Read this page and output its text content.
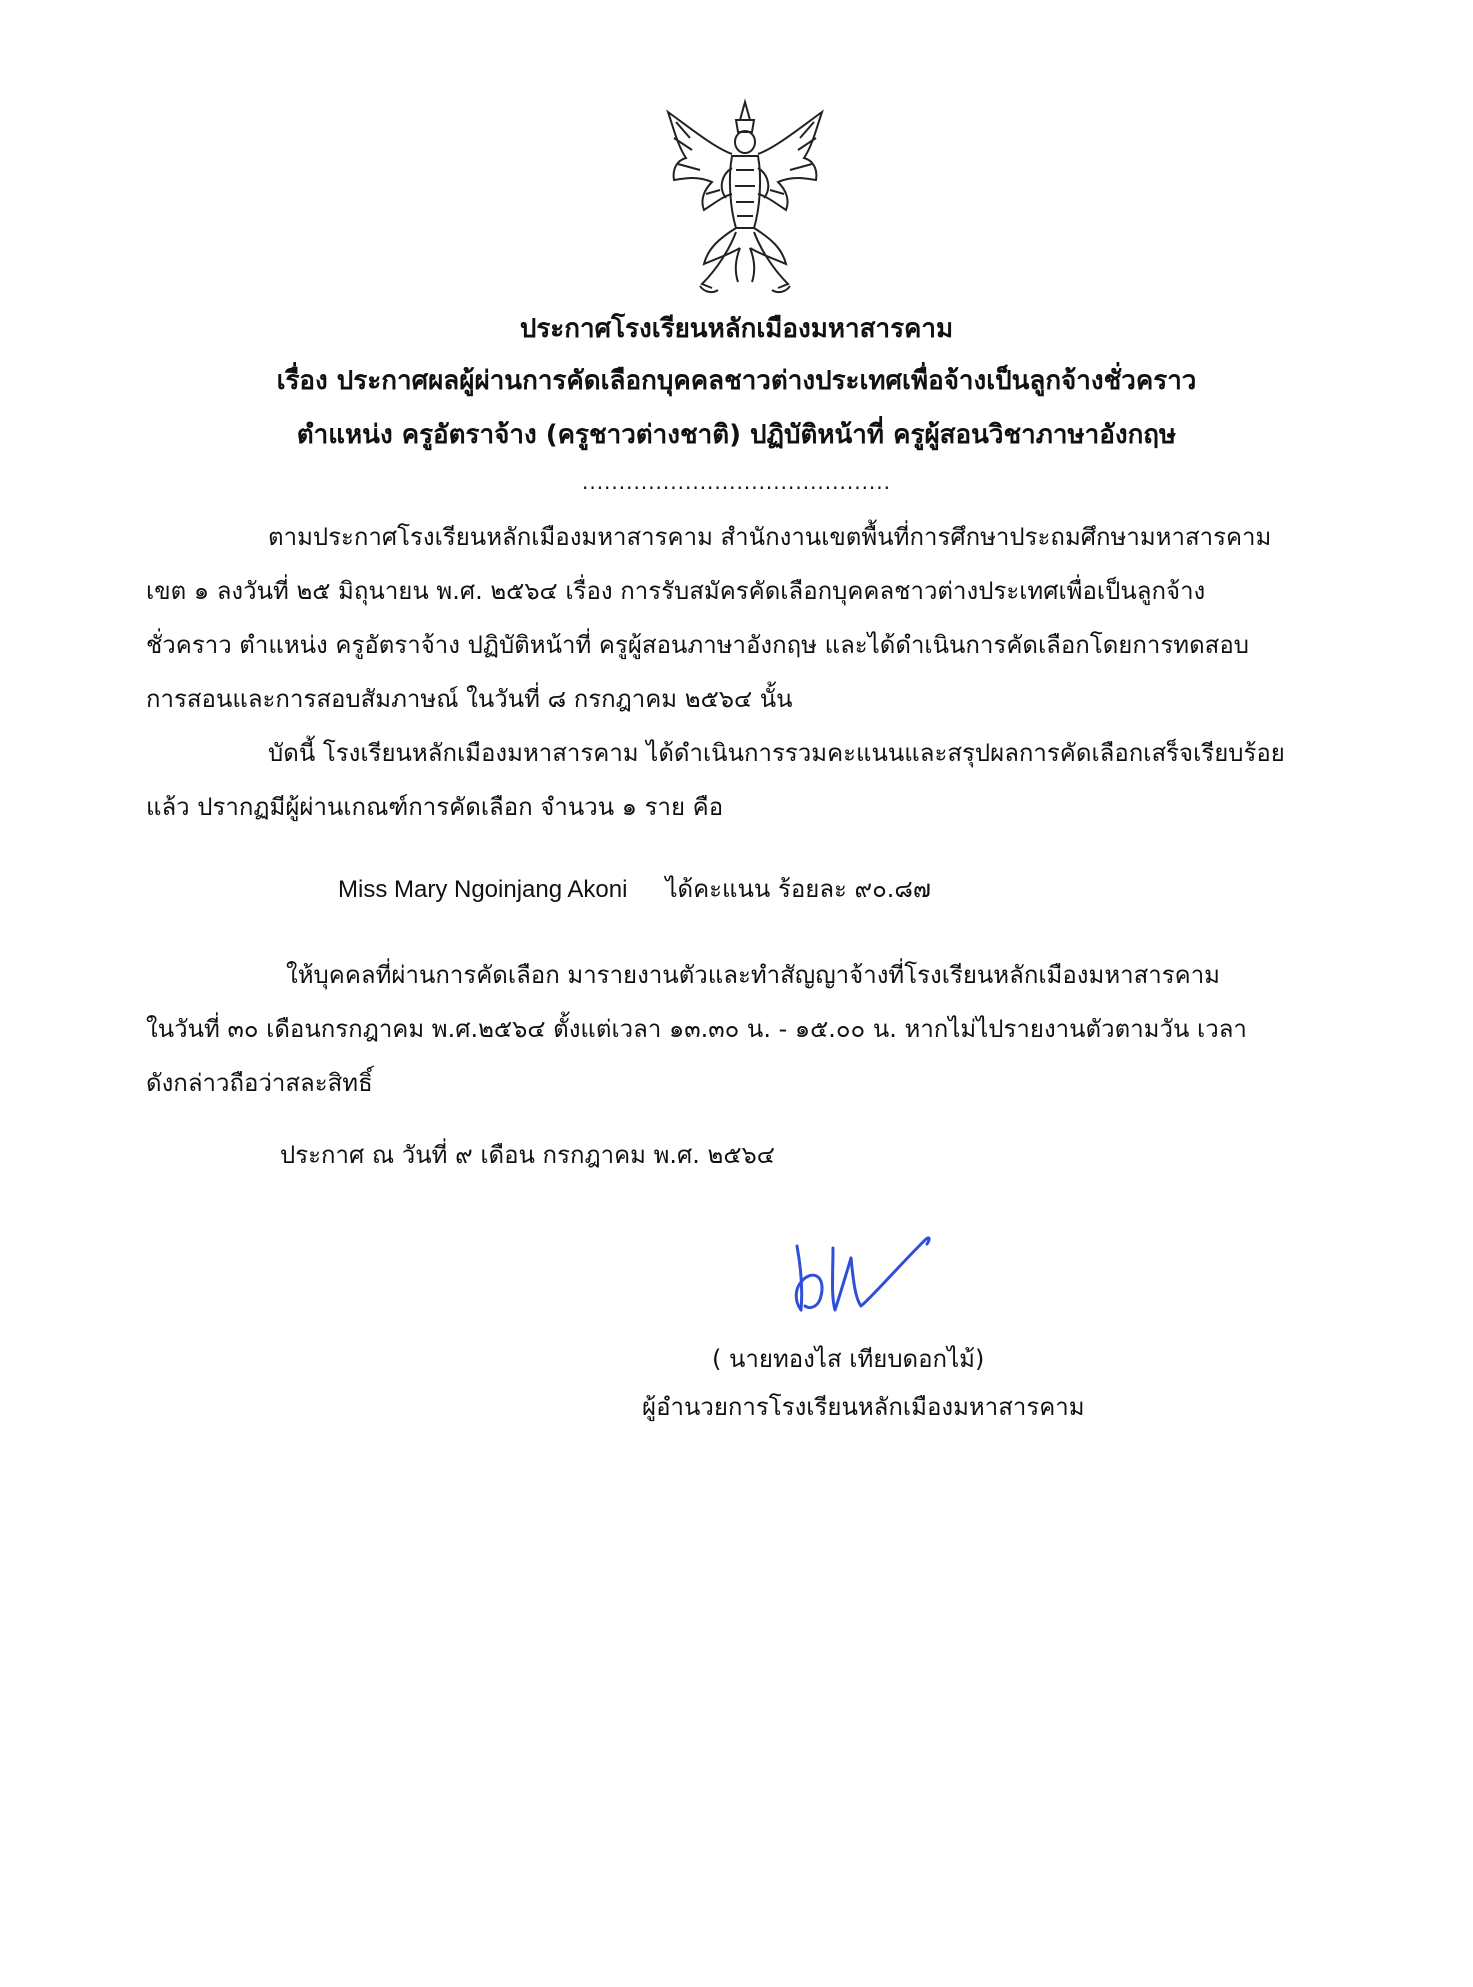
ประกาศโรงเรียนหลักเมืองมหาสารคาม
เรื่อง ประกาศผลผู้ผ่านการคัดเลือกบุคคลชาวต่างประเทศเพื่อจ้างเป็นลูกจ้างชั่วคราว
ตำแหน่ง ครูอัตราจ้าง (ครูชาวต่างชาติ) ปฏิบัติหน้าที่ ครูผู้สอนวิชาภาษาอังกฤษ
..........................................
ตามประกาศโรงเรียนหลักเมืองมหาสารคาม สำนักงานเขตพื้นที่การศึกษาประถมศึกษามหาสารคาม
เขต ๑ ลงวันที่ ๒๕ มิถุนายน พ.ศ. ๒๕๖๔ เรื่อง การรับสมัครคัดเลือกบุคคลชาวต่างประเทศเพื่อเป็นลูกจ้าง
ชั่วคราว ตำแหน่ง ครูอัตราจ้าง ปฏิบัติหน้าที่ ครูผู้สอนภาษาอังกฤษ และได้ดำเนินการคัดเลือกโดยการทดสอบ
การสอนและการสอบสัมภาษณ์ ในวันที่ ๘ กรกฎาคม ๒๕๖๔ นั้น
บัดนี้ โรงเรียนหลักเมืองมหาสารคาม ได้ดำเนินการรวมคะแนนและสรุปผลการคัดเลือกเสร็จเรียบร้อย
แล้ว ปรากฏมีผู้ผ่านเกณฑ์การคัดเลือก จำนวน ๑ ราย คือ
Miss Mary Ngoinjang Akoni ได้คะแนน ร้อยละ ๙๐.๘๗
ให้บุคคลที่ผ่านการคัดเลือก มารายงานตัวและทำสัญญาจ้างที่โรงเรียนหลักเมืองมหาสารคาม
ในวันที่ ๓๐ เดือนกรกฎาคม พ.ศ.๒๕๖๔ ตั้งแต่เวลา ๑๓.๓๐ น. - ๑๕.๐๐ น. หากไม่ไปรายงานตัวตามวัน เวลา
ดังกล่าวถือว่าสละสิทธิ์
ประกาศ ณ วันที่ ๙ เดือน กรกฎาคม พ.ศ. ๒๕๖๔
( นายทองไส เทียบดอกไม้)
ผู้อำนวยการโรงเรียนหลักเมืองมหาสารคาม
